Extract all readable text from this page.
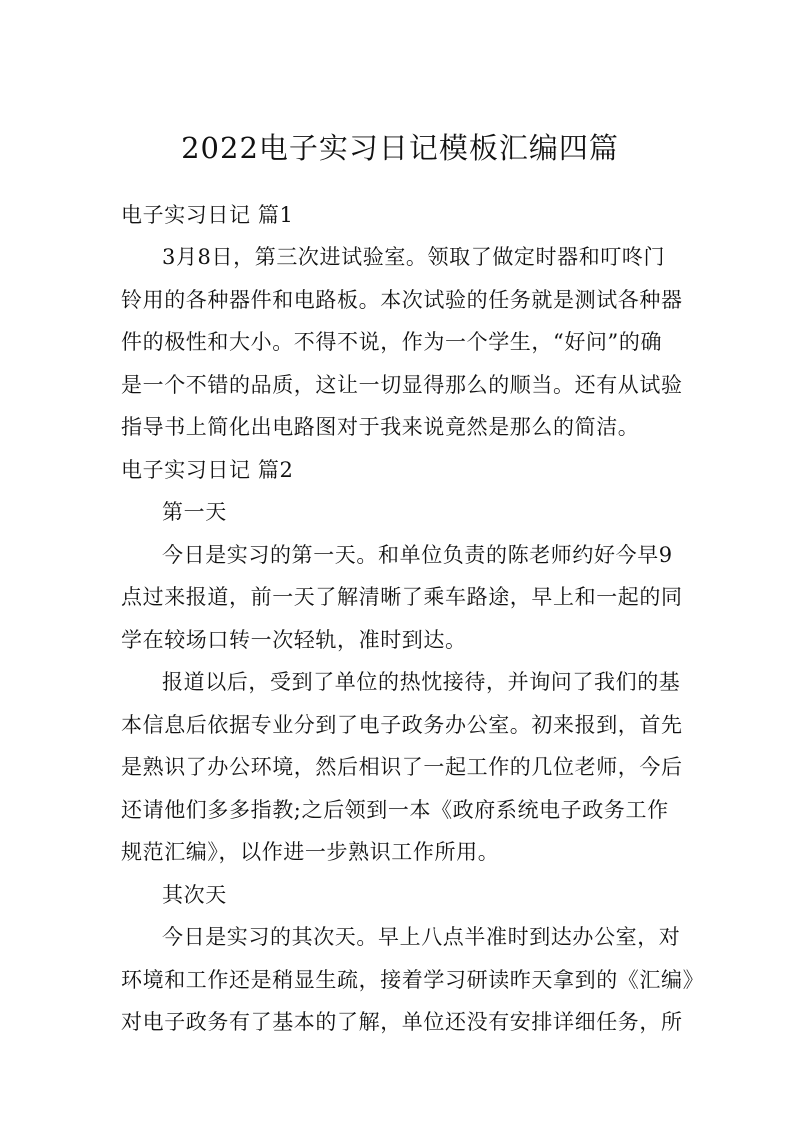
2022电子实习日记模板汇编四篇
电子实习日记 篇1
3月8日，第三次进试验室。领取了做定时器和叮咚门
铃用的各种器件和电路板。本次试验的任务就是测试各种器
件的极性和大小。不得不说，作为一个学生，“好问”的确
是一个不错的品质，这让一切显得那么的顺当。还有从试验
指导书上简化出电路图对于我来说竟然是那么的简洁。
电子实习日记 篇2
第一天
今日是实习的第一天。和单位负责的陈老师约好今早9
点过来报道，前一天了解清晰了乘车路途，早上和一起的同
学在较场口转一次轻轨，准时到达。
报道以后，受到了单位的热忱接待，并询问了我们的基
本信息后依据专业分到了电子政务办公室。初来报到，首先
是熟识了办公环境，然后相识了一起工作的几位老师，今后
还请他们多多指教;之后领到一本《政府系统电子政务工作
规范汇编》，以作进一步熟识工作所用。
其次天
今日是实习的其次天。早上八点半准时到达办公室，对
环境和工作还是稍显生疏，接着学习研读昨天拿到的《汇编》
对电子政务有了基本的了解，单位还没有安排详细任务，所
